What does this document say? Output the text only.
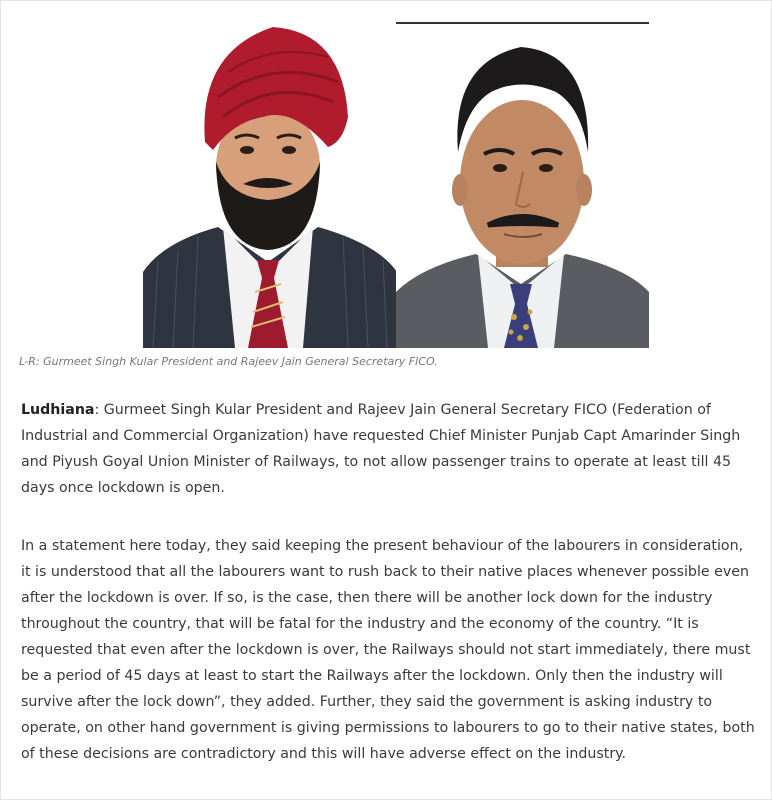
L-R: Gurmeet Singh Kular President and Rajeev Jain General Secretary FICO.

Ludhiana: Gurmeet Singh Kular President and Rajeev Jain General Secretary FICO (Federation of Industrial and Commercial Organization) have requested Chief Minister Punjab Capt Amarinder Singh and Piyush Goyal Union Minister of Railways, to not allow passenger trains to operate at least till 45 days once lockdown is open.

In a statement here today, they said keeping the present behaviour of the labourers in consideration, it is understood that all the labourers want to rush back to their native places whenever possible even after the lockdown is over. If so, is the case, then there will be another lock down for the industry throughout the country, that will be fatal for the industry and the economy of the country. “It is requested that even after the lockdown is over, the Railways should not start immediately, there must be a period of 45 days at least to start the Railways after the lockdown. Only then the industry will survive after the lock down”, they added. Further, they said the government is asking industry to operate, on other hand government is giving permissions to labourers to go to their native states, both of these decisions are contradictory and this will have adverse effect on the industry.
